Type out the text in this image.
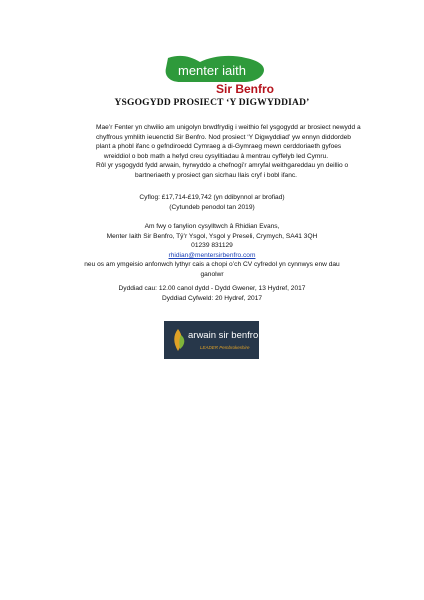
menter iaith
Sir Benfro
YSGOGYDD PROSIECT ‘Y DIGWYDDIAD’
Mae’r Fenter yn chwilio am unigolyn brwdfrydig i weithio fel ysgogydd ar brosiect newydd a
chyffrous ymhlith ieuenctid Sir Benfro. Nod prosiect ‘Y Digwyddiad’ yw ennyn diddordeb
plant a phobl ifanc o gefndiroedd Cymraeg a di-Gymraeg mewn cerddoriaeth gyfoes
wreiddiol o bob math a hefyd creu cysylltiadau â mentrau cyffelyb led Cymru.
Rôl yr ysgogydd fydd arwain, hyrwyddo a chefnogi’r amryfal weithgareddau yn deillio o
bartneriaeth y prosiect gan sicrhau llais cryf i bobl ifanc.
Cyflog: £17,714-£19,742 (yn ddibynnol ar brofiad)
(Cytundeb penodol tan 2019)
Am fwy o fanylion cysylltwch â Rhidian Evans,
Menter Iaith Sir Benfro, Tŷ’r Ysgol, Ysgol y Preseli, Crymych, SA41 3QH
01239 831129
rhidian@mentersirbenfro.com
neu os am ymgeisio anfonwch lythyr cais a chopi o’ch CV cyfredol yn cynnwys enw dau
ganolwr
Dyddiad cau: 12.00 canol dydd - Dydd Gwener, 13 Hydref, 2017
Dyddiad Cyfweld: 20 Hydref, 2017
arwain sir benfro
LEADER Pembrokeshire
